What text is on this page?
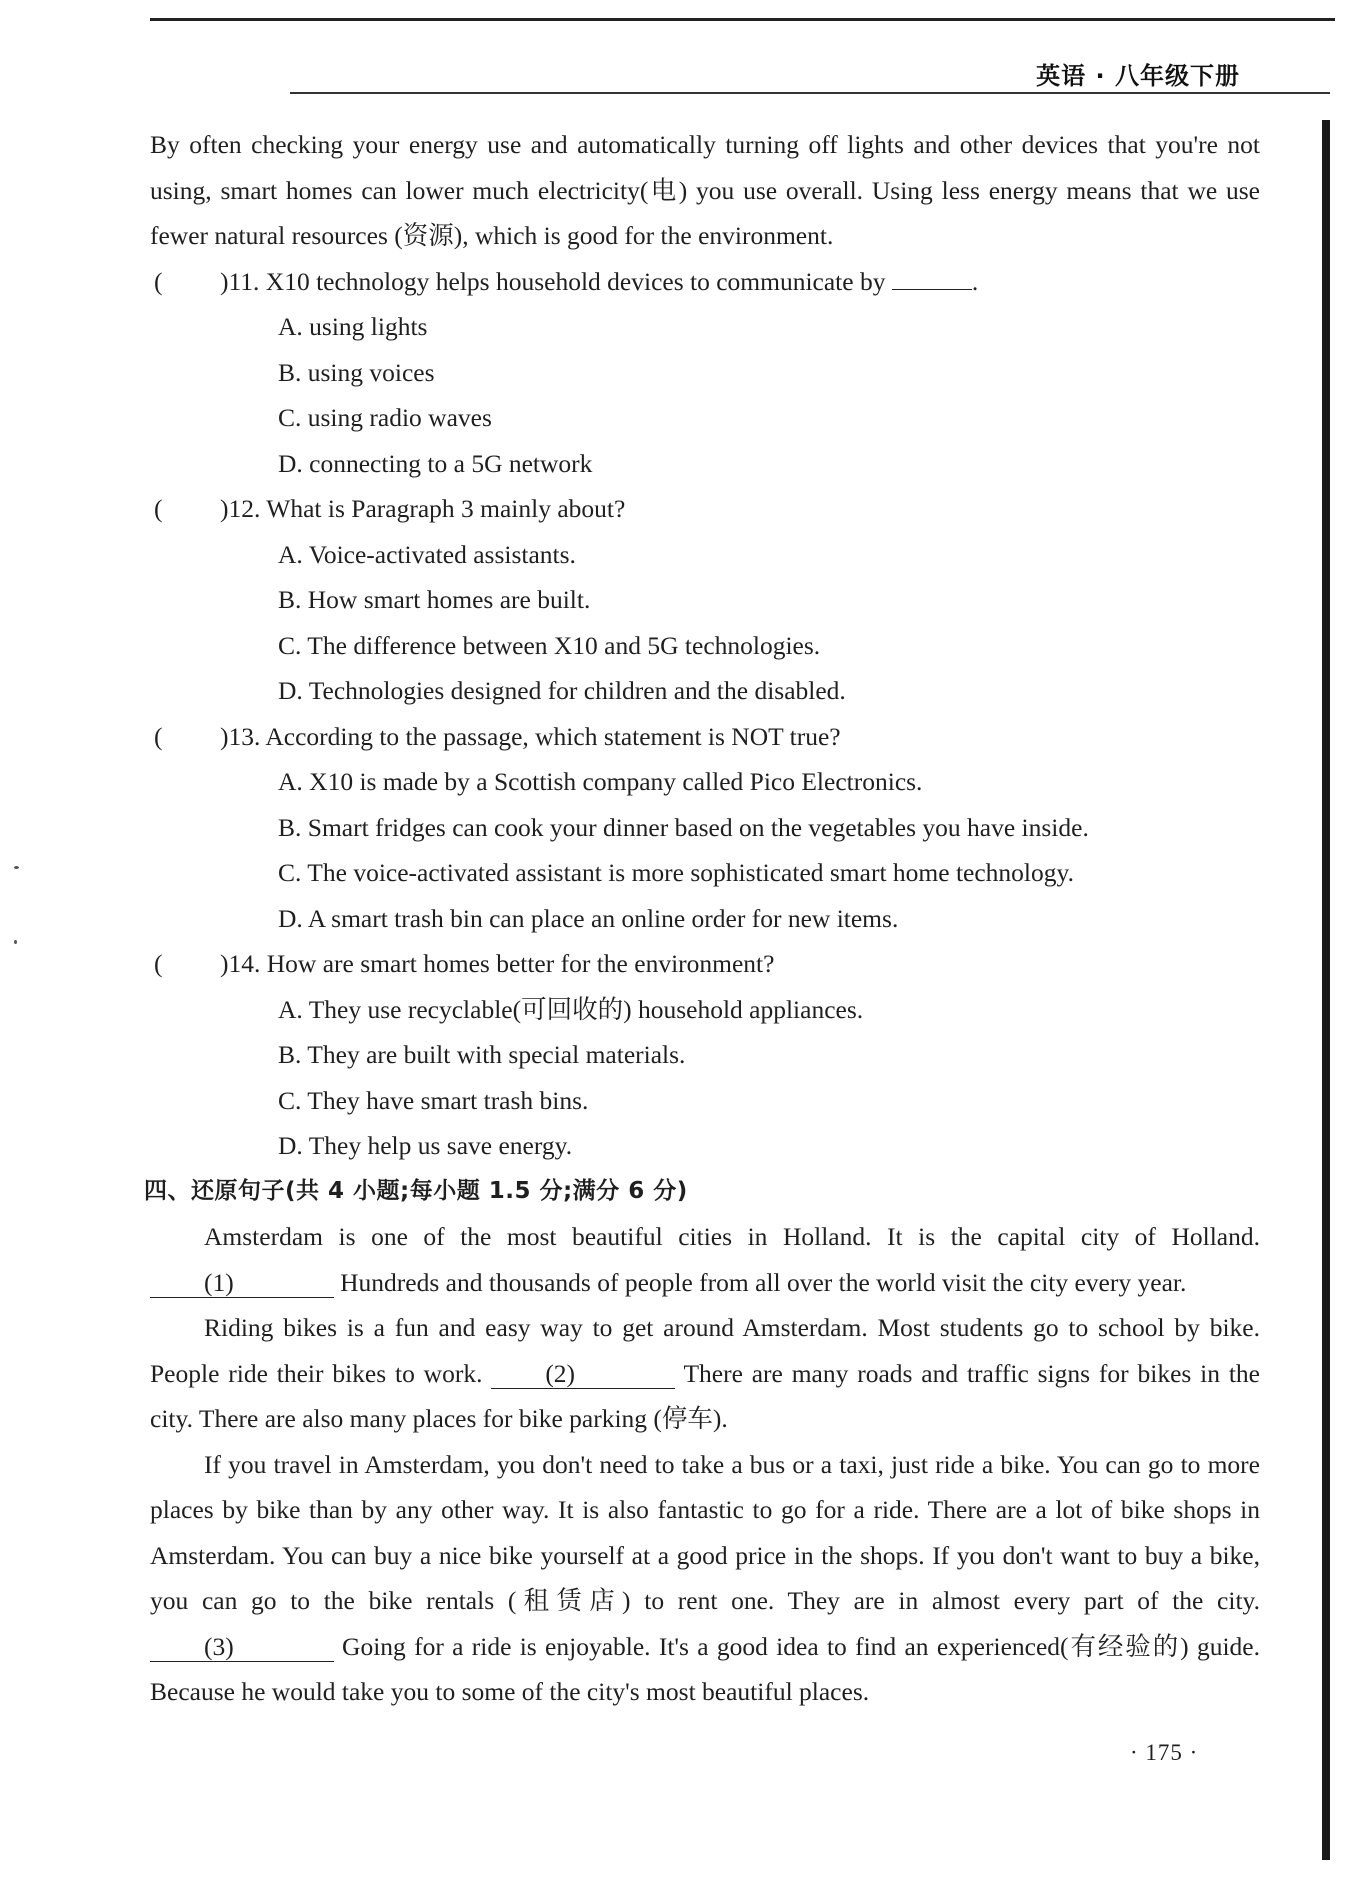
英语 · 八年级下册

By often checking your energy use and automatically turning off lights and other devices that you're not using, smart homes can lower much electricity(电) you use overall. Using less energy means that we use fewer natural resources (资源), which is good for the environment.

( )11. X10 technology helps household devices to communicate by	.
A. using lights
B. using voices
C. using radio waves
D. connecting to a 5G network
( )12. What is Paragraph 3 mainly about?
A. Voice-activated assistants.
B. How smart homes are built.
C. The difference between X10 and 5G technologies.
D. Technologies designed for children and the disabled.
( )13. According to the passage, which statement is NOT true?
A. X10 is made by a Scottish company called Pico Electronics.
B. Smart fridges can cook your dinner based on the vegetables you have inside.
C. The voice-activated assistant is more sophisticated smart home technology.
D. A smart trash bin can place an online order for new items.
( )14. How are smart homes better for the environment?
A. They use recyclable(可回收的) household appliances.
B. They are built with special materials.
C. They have smart trash bins.
D. They help us save energy.
四、还原句子(共 4 小题;每小题 1.5 分;满分 6 分)

Amsterdam is one of the most beautiful cities in Holland. It is the capital city of Holland. (1)	Hundreds and thousands of people from all over the world visit the city every year.

Riding bikes is a fun and easy way to get around Amsterdam. Most students go to school by bike. People ride their bikes to work. (2)	There are many roads and traffic signs for bikes in the city. There are also many places for bike parking (停车).

If you travel in Amsterdam, you don't need to take a bus or a taxi, just ride a bike. You can go to more places by bike than by any other way. It is also fantastic to go for a ride. There are a lot of bike shops in Amsterdam. You can buy a nice bike yourself at a good price in the shops. If you don't want to buy a bike, you can go to the bike rentals (租赁店) to rent one. They are in almost every part of the city. (3)	Going for a ride is enjoyable. It's a good idea to find an experienced(有经验的) guide. Because he would take you to some of the city's most beautiful places.

· 175 ·
